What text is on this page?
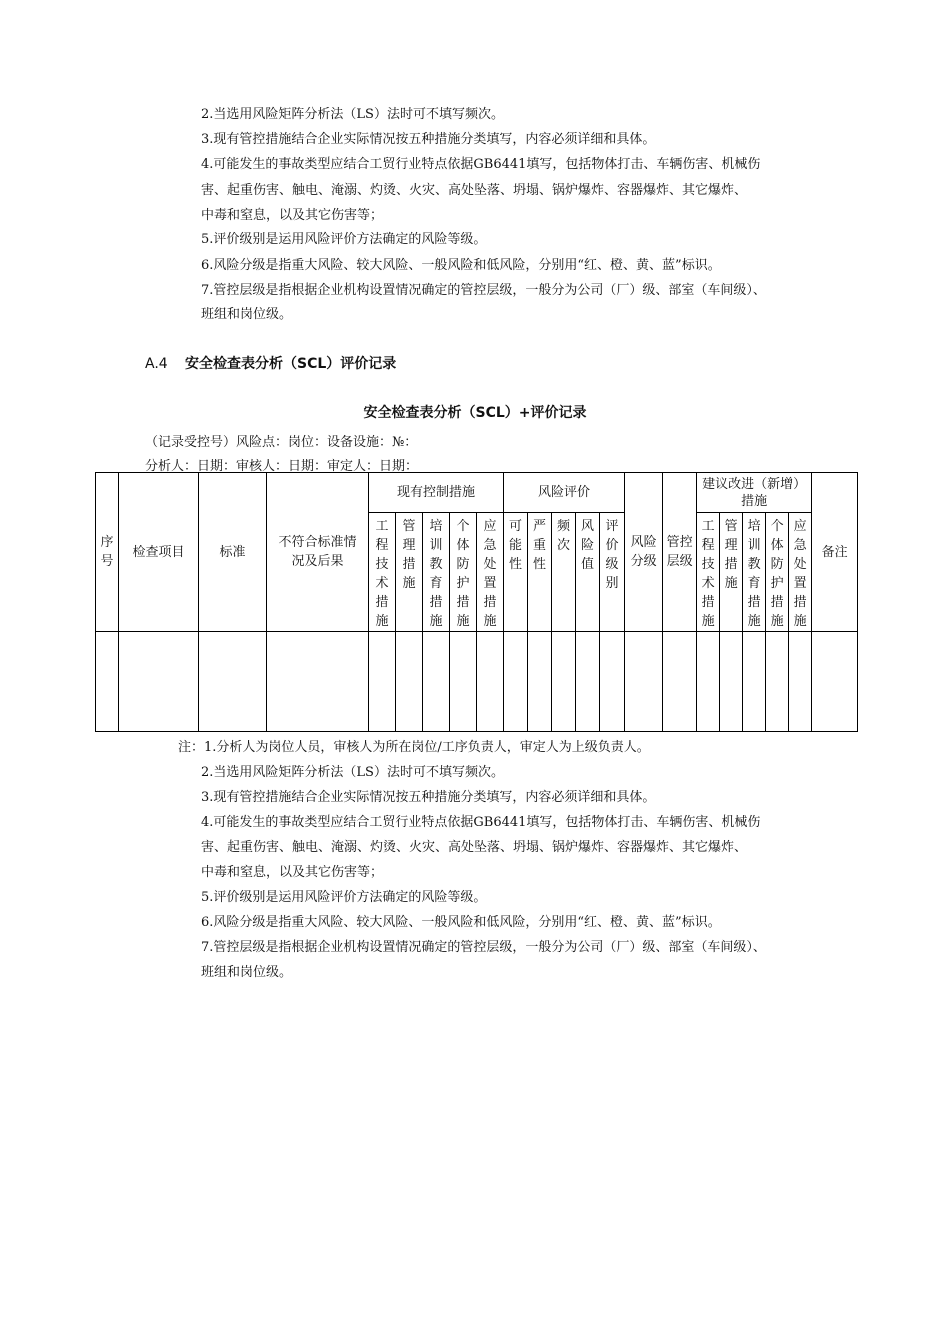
2.当选用风险矩阵分析法（LS）法时可不填写频次。
3.现有管控措施结合企业实际情况按五种措施分类填写，内容必须详细和具体。
4.可能发生的事故类型应结合工贸行业特点依据GB6441填写，包括物体打击、车辆伤害、机械伤
害、起重伤害、触电、淹溺、灼烫、火灾、高处坠落、坍塌、锅炉爆炸、容器爆炸、其它爆炸、
中毒和窒息，以及其它伤害等；
5.评价级别是运用风险评价方法确定的风险等级。
6.风险分级是指重大风险、较大风险、一般风险和低风险，分别用“红、橙、黄、蓝”标识。
7.管控层级是指根据企业机构设置情况确定的管控层级，一般分为公司（厂）级、部室（车间级）、
班组和岗位级。
A.4 安全检查表分析（SCL）评价记录
安全检查表分析（SCL）+评价记录
（记录受控号）风险点：岗位：设备设施：№：
分析人：日期：审核人：日期：审定人：日期：
序号	检查项目	标准	不符合标准情况及后果	现有控制措施					风险评价					风险分级	管控层级	建议改进（新增）措施					备注
				工程技术措施	管理措施	培训教育措施	个体防护措施	应急处置措施	可能性	严重性	频次	风险值	评价级别			工程技术措施	管理措施	培训教育措施	个体防护措施	应急处置措施	

注：1.分析人为岗位人员，审核人为所在岗位/工序负责人，审定人为上级负责人。
2.当选用风险矩阵分析法（LS）法时可不填写频次。
3.现有管控措施结合企业实际情况按五种措施分类填写，内容必须详细和具体。
4.可能发生的事故类型应结合工贸行业特点依据GB6441填写，包括物体打击、车辆伤害、机械伤
害、起重伤害、触电、淹溺、灼烫、火灾、高处坠落、坍塌、锅炉爆炸、容器爆炸、其它爆炸、
中毒和窒息，以及其它伤害等；
5.评价级别是运用风险评价方法确定的风险等级。
6.风险分级是指重大风险、较大风险、一般风险和低风险，分别用“红、橙、黄、蓝”标识。
7.管控层级是指根据企业机构设置情况确定的管控层级，一般分为公司（厂）级、部室（车间级）、
班组和岗位级。
